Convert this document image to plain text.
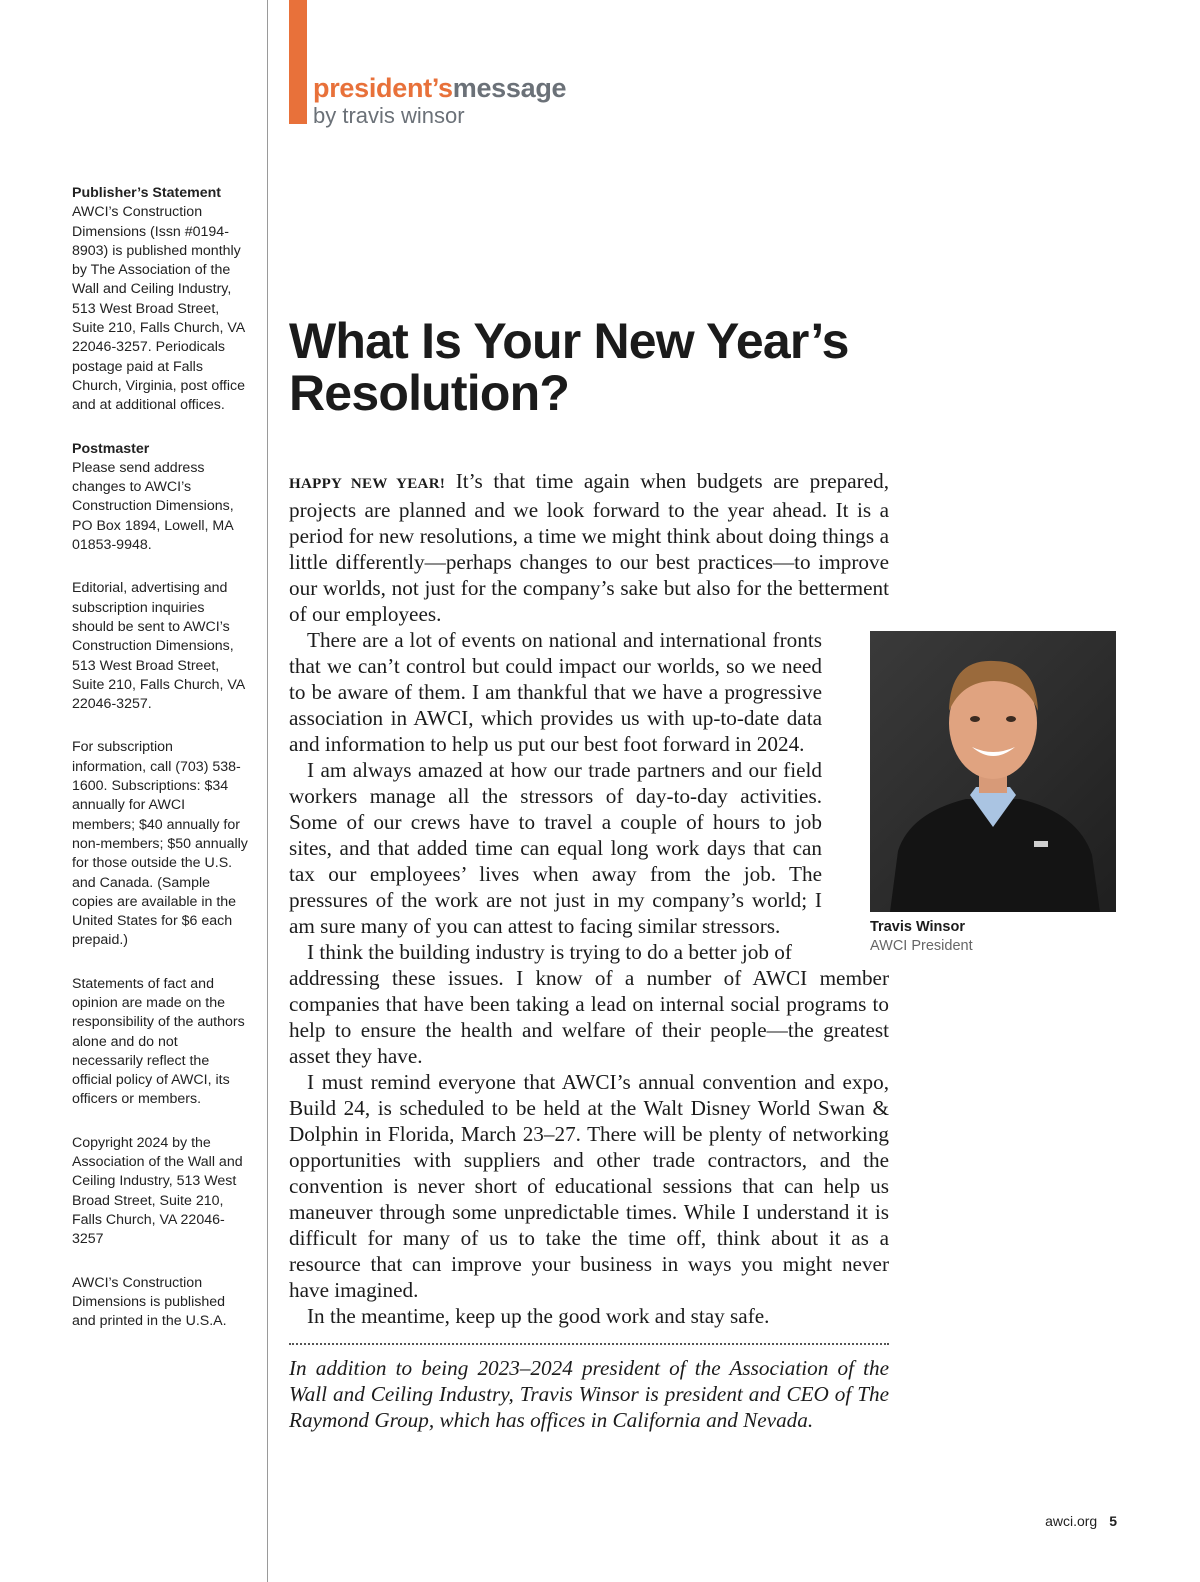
Publisher’s Statement
AWCI’s Construction Dimensions (Issn #0194-8903) is published monthly by The Association of the Wall and Ceiling Industry, 513 West Broad Street, Suite 210, Falls Church, VA 22046-3257. Periodicals postage paid at Falls Church, Virginia, post office and at additional offices.
Postmaster
Please send address changes to AWCI’s Construction Dimensions, PO Box 1894, Lowell, MA 01853-9948.
Editorial, advertising and subscription inquiries should be sent to AWCI’s Construction Dimensions, 513 West Broad Street, Suite 210, Falls Church, VA 22046-3257.
For subscription information, call (703) 538-1600. Subscriptions: $34 annually for AWCI members; $40 annually for non-members; $50 annually for those outside the U.S. and Canada. (Sample copies are available in the United States for $6 each prepaid.)
Statements of fact and opinion are made on the responsibility of the authors alone and do not necessarily reflect the official policy of AWCI, its officers or members.
Copyright 2024 by the Association of the Wall and Ceiling Industry, 513 West Broad Street, Suite 210, Falls Church, VA 22046-3257
AWCI’s Construction Dimensions is published and printed in the U.S.A.
president’smessage
by travis winsor
What Is Your New Year’s Resolution?

HAPPY NEW YEAR! It’s that time again when budgets are prepared, projects are planned and we look forward to the year ahead. It is a period for new resolutions, a time we might think about doing things a little differently—perhaps changes to our best practices—to improve our worlds, not just for the company’s sake but also for the betterment of our employees.

There are a lot of events on national and international fronts that we can’t control but could impact our worlds, so we need to be aware of them. I am thankful that we have a progressive association in AWCI, which provides us with up-to-date data and information to help us put our best foot forward in 2024.

I am always amazed at how our trade partners and our field workers manage all the stressors of day-to-day activities. Some of our crews have to travel a couple of hours to job sites, and that added time can equal long work days that can tax our employees’ lives when away from the job. The pressures of the work are not just in my company’s world; I am sure many of you can attest to facing similar stressors.

I think the building industry is trying to do a better job of

addressing these issues. I know of a number of AWCI member companies that have been taking a lead on internal social programs to help to ensure the health and welfare of their people—the greatest asset they have.

I must remind everyone that AWCI’s annual convention and expo, Build 24, is scheduled to be held at the Walt Disney World Swan & Dolphin in Florida, March 23–27. There will be plenty of networking opportunities with suppliers and other trade contractors, and the convention is never short of educational sessions that can help us maneuver through some unpredictable times. While I understand it is difficult for many of us to take the time off, think about it as a resource that can improve your business in ways you might never have imagined.

In the meantime, keep up the good work and stay safe.

In addition to being 2023–2024 president of the Association of the Wall and Ceiling Industry, Travis Winsor is president and CEO of The Raymond Group, which has offices in California and Nevada.

Travis Winsor
AWCI President
awci.org 5
